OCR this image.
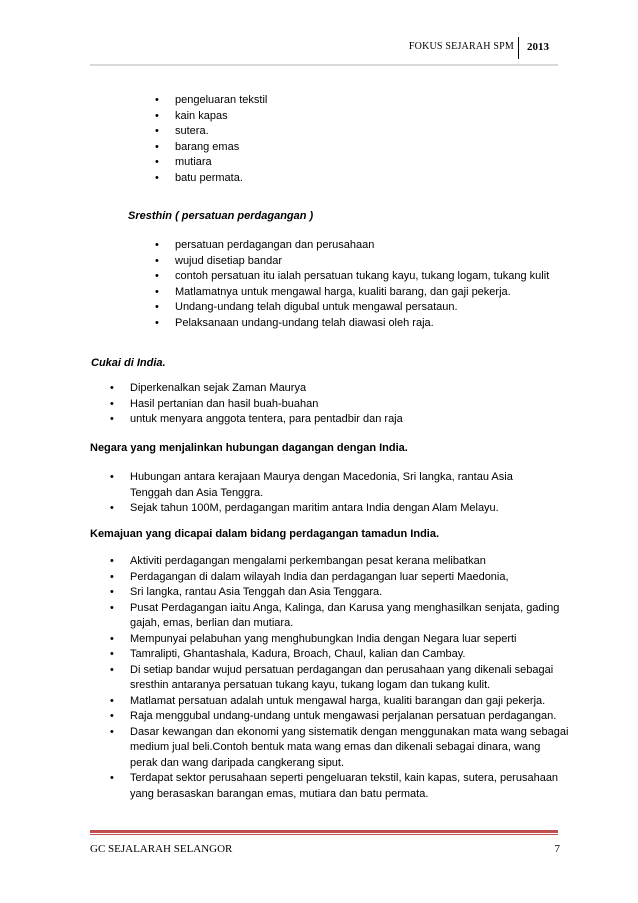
FOKUS SEJARAH SPM 2013
• pengeluaran tekstil
• kain kapas
• sutera.
• barang emas
• mutiara
• batu permata.
Sresthin ( persatuan perdagangan )
• persatuan perdagangan dan perusahaan
• wujud disetiap bandar
• contoh persatuan itu ialah persatuan tukang kayu, tukang logam, tukang kulit
• Matlamatnya untuk mengawal harga, kualiti barang, dan gaji pekerja.
• Undang-undang telah digubal untuk mengawal persataun.
• Pelaksanaan undang-undang telah diawasi oleh raja.
Cukai di India.
• Diperkenalkan sejak Zaman Maurya
• Hasil pertanian dan hasil buah-buahan
• untuk menyara anggota tentera, para pentadbir dan raja
Negara yang menjalinkan hubungan dagangan dengan India.
• Hubungan antara kerajaan Maurya dengan Macedonia, Sri langka, rantau Asia Tenggah dan Asia Tenggra.
• Sejak tahun 100M, perdagangan maritim antara India dengan Alam Melayu.
Kemajuan yang dicapai dalam bidang perdagangan tamadun India.
• Aktiviti perdagangan mengalami perkembangan pesat kerana melibatkan
• Perdagangan di dalam wilayah India dan perdagangan luar seperti Maedonia,
• Sri langka, rantau Asia Tenggah dan Asia Tenggara.
• Pusat Perdagangan iaitu Anga, Kalinga, dan Karusa yang menghasilkan senjata, gading gajah, emas, berlian dan mutiara.
• Mempunyai pelabuhan yang menghubungkan India dengan Negara luar seperti
• Tamralipti, Ghantashala, Kadura, Broach, Chaul, kalian dan Cambay.
• Di setiap bandar wujud persatuan perdagangan dan perusahaan yang dikenali sebagai sresthin antaranya persatuan tukang kayu, tukang logam dan tukang kulit.
• Matlamat persatuan adalah untuk mengawal harga, kualiti barangan dan gaji pekerja.
• Raja menggubal undang-undang untuk mengawasi perjalanan persatuan perdagangan.
• Dasar kewangan dan ekonomi yang sistematik dengan menggunakan mata wang sebagai medium jual beli.Contoh bentuk mata wang emas dan dikenali sebagai dinara, wang perak dan wang daripada cangkerang siput.
• Terdapat sektor perusahaan seperti pengeluaran tekstil, kain kapas, sutera, perusahaan yang berasaskan barangan emas, mutiara dan batu permata.
GC SEJALARAH SELANGOR	7
